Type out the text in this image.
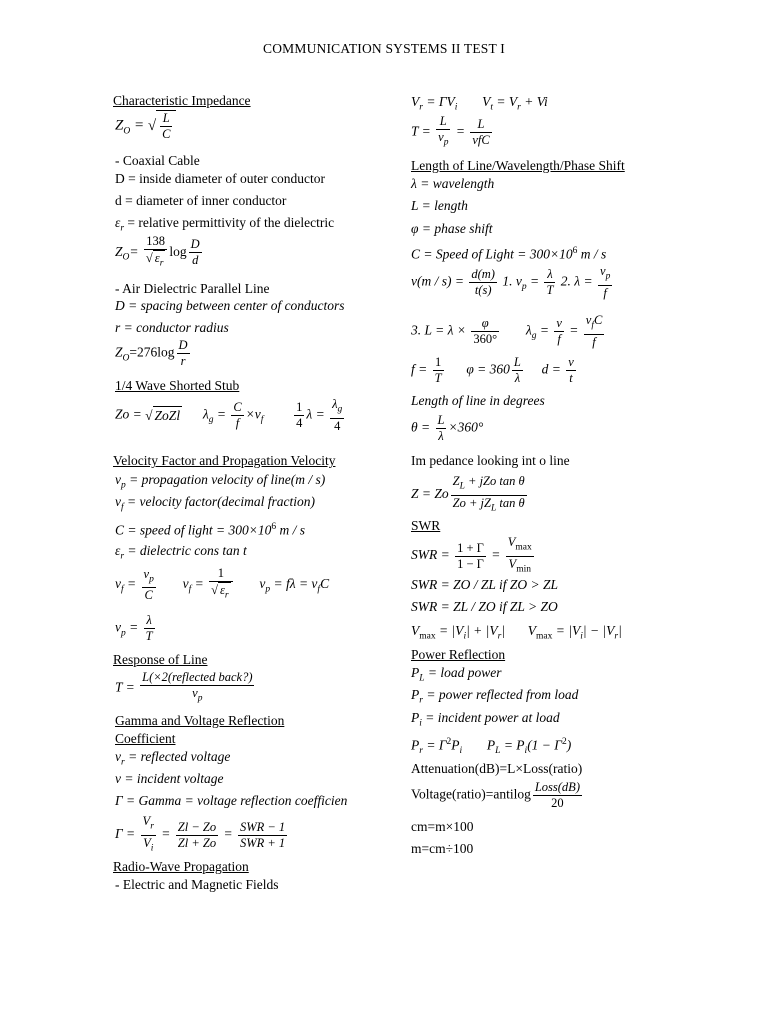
COMMUNICATION SYSTEMS II TEST I
Characteristic Impedance
$Z_O$ = √ $\frac{L}{C}$
- Coaxial Cable
D = inside diameter of outer conductor
d = diameter of inner conductor
$\varepsilon_r$ = relative permittivity of the dielectric
$Z_O= \frac{138}{√ \varepsilon_r}$ $\log \frac{D}{d}$
- Air Dielectric Parallel Line
D = spacing between center of conductors
r = conductor radius
$Z_O=276\log \frac{D}{r}$
1/4 Wave Shorted Stub
Zo = √ ZoZl $\lambda_g = \frac{C}{f} \times v_f \frac{1}{4}$ $\lambda = \frac{\lambda_g}{4}$
Velocity Factor and Propagation Velocity
$v_p$ = propagation velocity of line(m / s)
$v_f$ = velocity factor(decimal fraction)
C = speed of light = $300\times 10^6$ m / s
$\varepsilon_r$ = dielectric cons tan t
$v_f = \frac{v_p}{C} v_f = \frac{1}{√ \varepsilon_r} v_p = f\lambda = v_fC$
$v_p = \frac{\lambda}{T}$
Response of Line
$T = \frac{\text{L(×2(reflected back?)}}{v_p}$
Gamma and Voltage Reflection
Coefficient
$v_r$ = reflected voltage
v = incident voltage
Γ = Gamma = voltage reflection coefficien
$\Gamma = \frac{V_r}{V_i} = \frac{Zl - Zo}{Zl + Zo} = \frac{\text{SWR − 1}}{\text{SWR + 1}}$
Radio-Wave Propagation
- Electric and Magnetic Fields
$V_r = \Gamma V_i$ $V_t = V_r + Vi$
$T = \frac{L}{v_p} = \frac{L}{\text{vfC}}$
Length of Line/Wavelength/Phase Shift
λ = wavelength
L = length
φ = phase shift
C = Speed of Light = $300\times 10^6$ m / s
$v(m / s) = \frac{d(m)}{t(s)} 1$. $v_p = \frac{\lambda}{T} 2$. $\lambda = \frac{v_p}{f}$
3. $L = \lambda \times \frac{\varphi}{360^\circ} \lambda_g = \frac{v}{f} = \frac{v_fC}{f}$
$f = \frac{1}{T}$ $\varphi = 360 \frac{L}{\lambda}$ $d = \frac{v}{t}$
Length of line in degrees
$\theta = \frac{L}{\lambda} \times 360^\circ$
Im pedance looking int o line
Z = Zo $\frac{Z_L + jZo \tan \theta}{Zo + jZ_L \tan \theta}$
SWR
SWR = $\frac{1 + \Gamma}{1 - \Gamma} = \frac{V_{max}}{V_{min}}$
SWR = ZO / ZL if ZO > ZL
SWR = ZL / ZO if ZL > ZO
$V_{max} = |V_i| + |V_r|$ $V_{max} = |V_i| - |V_r|$
Power Reflection
$P_L$ = load power
$P_r$ = power reflected from load
$P_i$ = incident power at load
$P_r = \Gamma^2P_i$ $P_L = P_i(1 - \Gamma^2)$
Attenuation(dB)=L×Loss(ratio)
Voltage(ratio)=antilog $\frac{\text{Loss(dB)}}{20}$
cm=m×100
m=cm÷100
